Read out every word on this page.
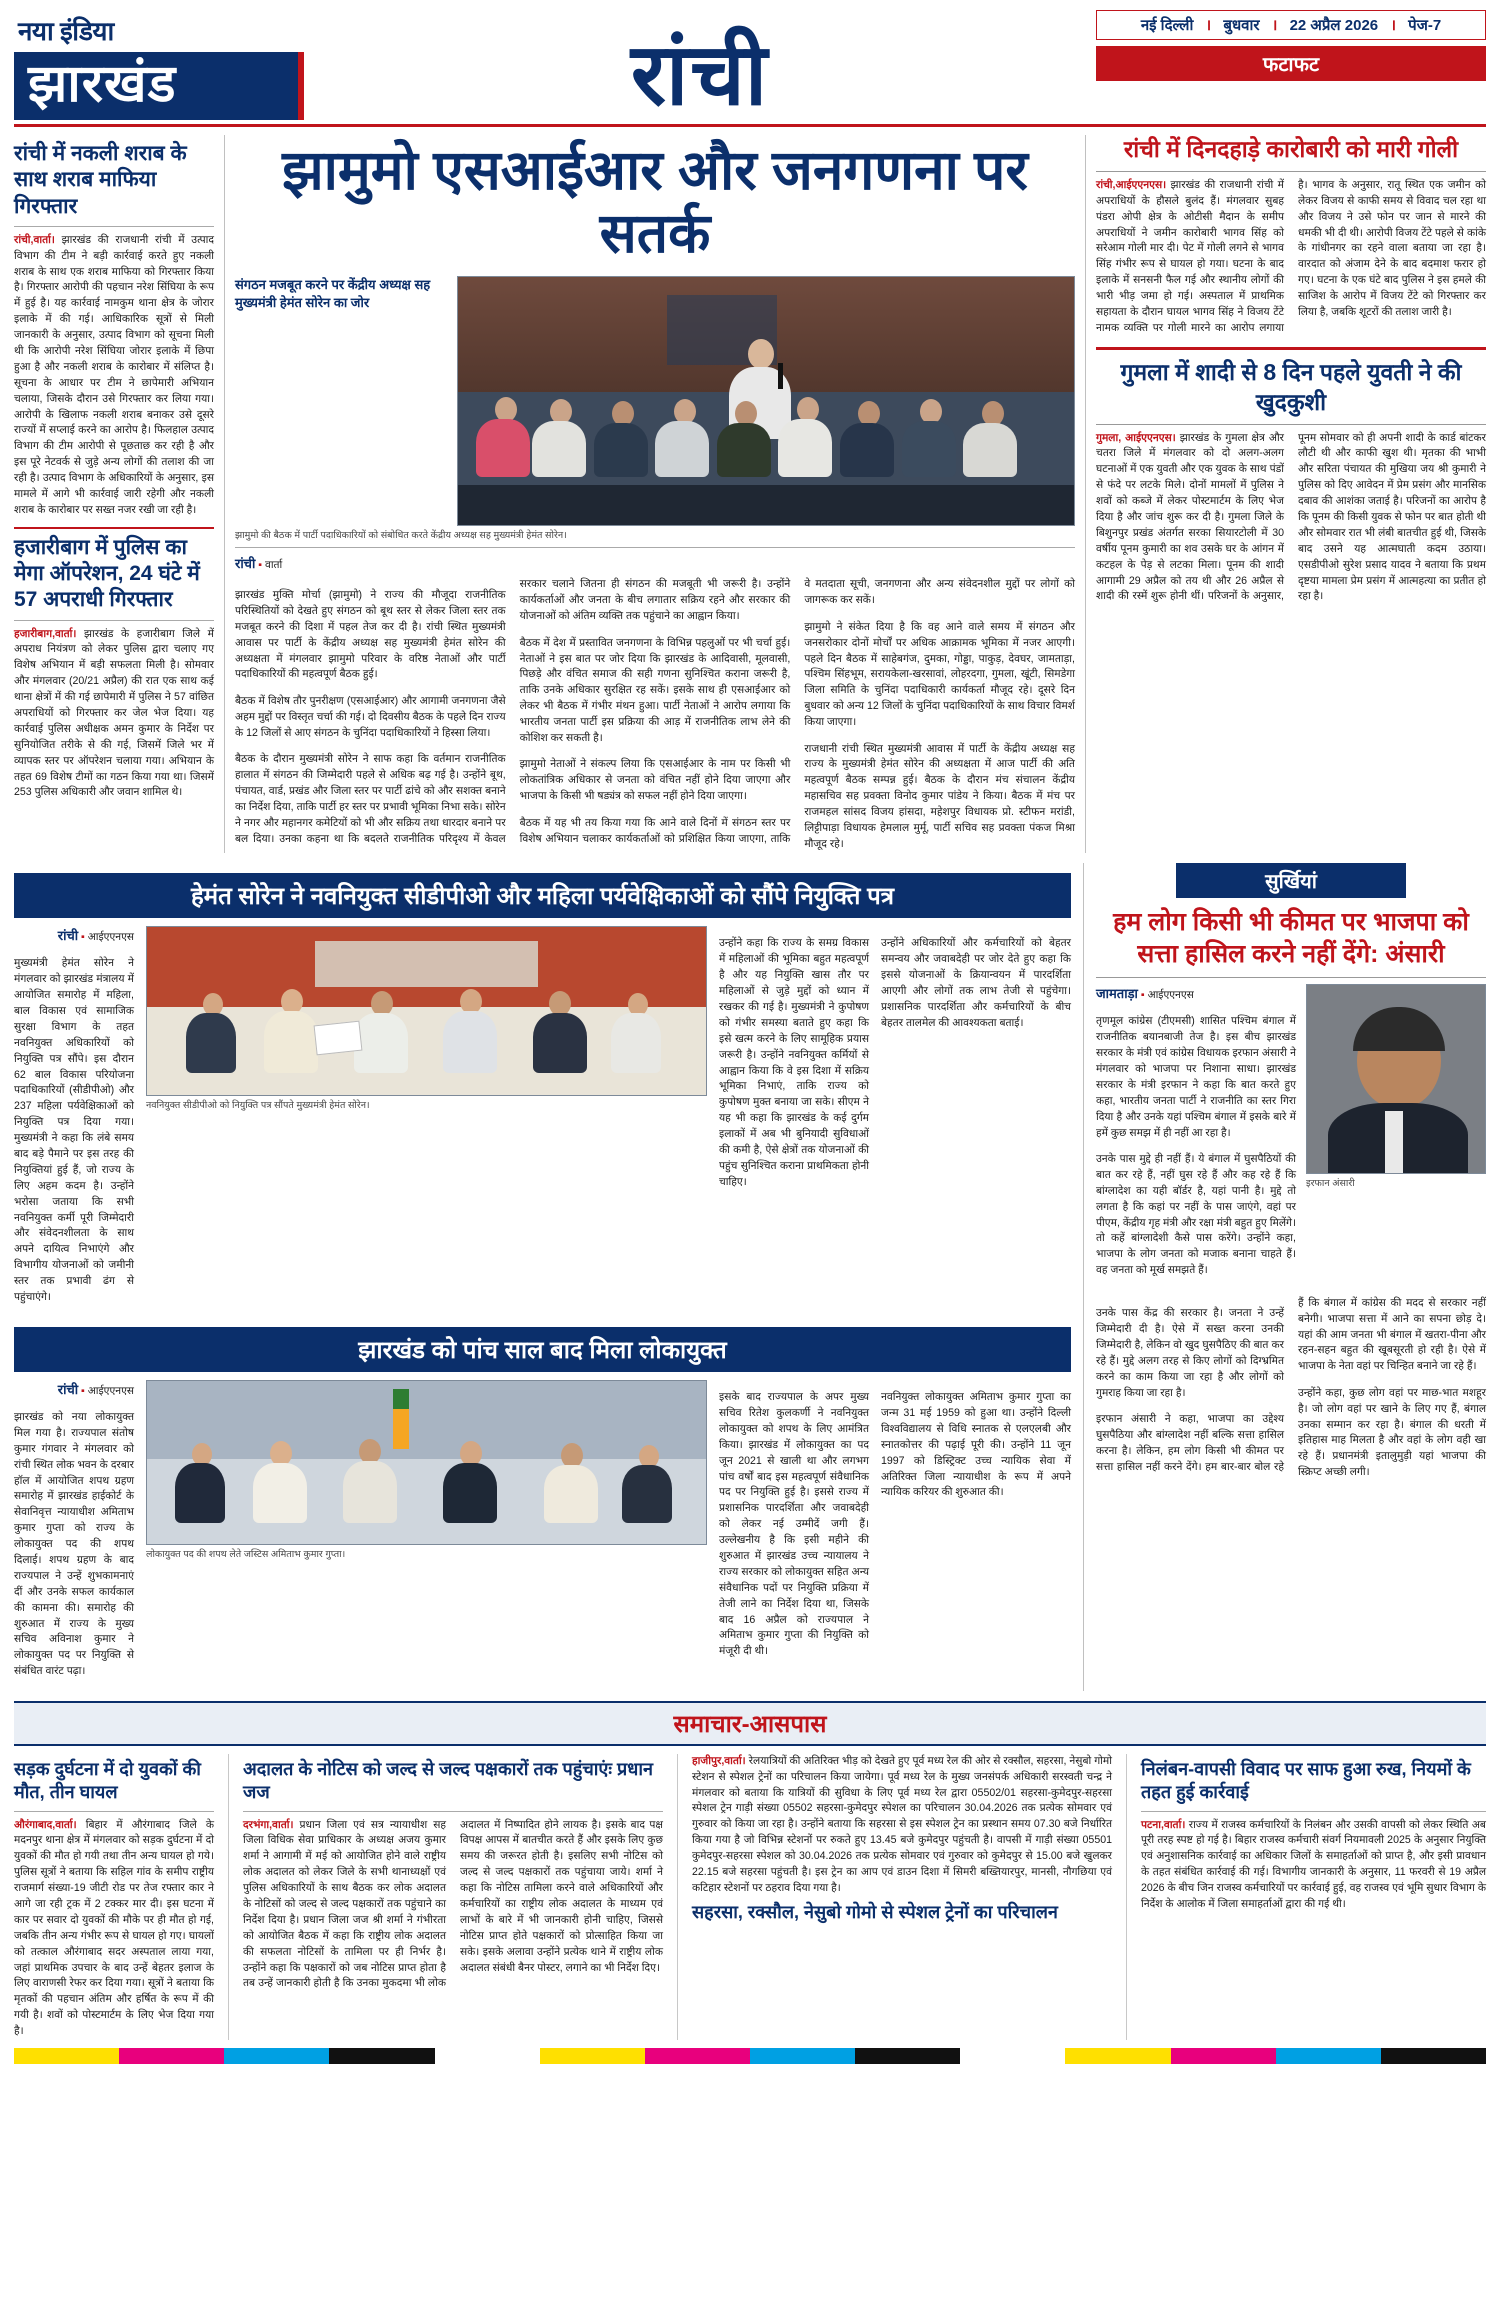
नया इंडिया
झारखंड	रांची
नई दिल्ली । बुधवार । 22 अप्रैल 2026 । पेज-7
फटाफट
रांची में नकली शराब के साथ शराब माफिया गिरफ्तार
रांची,वार्ता। झारखंड की राजधानी रांची में उत्पाद विभाग की टीम ने बड़ी कार्रवाई करते हुए नकली शराब के साथ एक शराब माफिया को गिरफ्तार किया है। गिरफ्तार आरोपी की पहचान नरेश सिंघिया के रूप में हुई है। यह कार्रवाई नामकुम थाना क्षेत्र के जोरार इलाके में की गई। आधिकारिक सूत्रों से मिली जानकारी के अनुसार, उत्पाद विभाग को सूचना मिली थी कि आरोपी नरेश सिंघिया जोरार इलाके में छिपा हुआ है और नकली शराब के कारोबार में संलिप्त है। सूचना के आधार पर टीम ने छापेमारी अभियान चलाया, जिसके दौरान उसे गिरफ्तार कर लिया गया। आरोपी के खिलाफ नकली शराब बनाकर उसे दूसरे राज्यों में सप्लाई करने का आरोप है। फिलहाल उत्पाद विभाग की टीम आरोपी से पूछताछ कर रही है और इस पूरे नेटवर्क से जुड़े अन्य लोगों की तलाश की जा रही है। उत्पाद विभाग के अधिकारियों के अनुसार, इस मामले में आगे भी कार्रवाई जारी रहेगी और नकली शराब के कारोबार पर सख्त नजर रखी जा रही है।
हजारीबाग में पुलिस का मेगा ऑपरेशन, 24 घंटे में 57 अपराधी गिरफ्तार
हजारीबाग,वार्ता। झारखंड के हजारीबाग जिले में अपराध नियंत्रण को लेकर पुलिस द्वारा चलाए गए विशेष अभियान में बड़ी सफलता मिली है। सोमवार और मंगलवार (20/21 अप्रैल) की रात एक साथ कई थाना क्षेत्रों में की गई छापेमारी में पुलिस ने 57 वांछित अपराधियों को गिरफ्तार कर जेल भेज दिया। यह कार्रवाई पुलिस अधीक्षक अमन कुमार के निर्देश पर सुनियोजित तरीके से की गई, जिसमें जिले भर में व्यापक स्तर पर ऑपरेशन चलाया गया। अभियान के तहत 69 विशेष टीमों का गठन किया गया था। जिसमें 253 पुलिस अधिकारी और जवान शामिल थे।
झामुमो एसआईआर और जनगणना पर सतर्क
संगठन मजबूत करने पर केंद्रीय अध्यक्ष सह मुख्यमंत्री हेमंत सोरेन का जोर
झामुमो की बैठक में पार्टी पदाधिकारियों को संबोधित करते केंद्रीय अध्यक्ष सह मुख्यमंत्री हेमंत सोरेन।
रांची ▪ वार्ता

झारखंड मुक्ति मोर्चा (झामुमो) ने राज्य की मौजूदा राजनीतिक परिस्थितियों को देखते हुए संगठन को बूथ स्तर से लेकर जिला स्तर तक मजबूत करने की दिशा में पहल तेज कर दी है। रांची स्थित मुख्यमंत्री आवास पर पार्टी के केंद्रीय अध्यक्ष सह मुख्यमंत्री हेमंत सोरेन की अध्यक्षता में मंगलवार झामुमो परिवार के वरिष्ठ नेताओं और पार्टी पदाधिकारियों की महत्वपूर्ण बैठक हुई।

बैठक में विशेष तौर पुनरीक्षण (एसआईआर) और आगामी जनगणना जैसे अहम मुद्दों पर विस्तृत चर्चा की गई। दो दिवसीय बैठक के पहले दिन राज्य के 12 जिलों से आए संगठन के चुनिंदा पदाधिकारियों ने हिस्सा लिया।

बैठक के दौरान मुख्यमंत्री सोरेन ने साफ कहा कि वर्तमान राजनीतिक हालात में संगठन की जिम्मेदारी पहले से अधिक बढ़ गई है। उन्होंने बूथ, पंचायत, वार्ड, प्रखंड और जिला स्तर पर पार्टी ढांचे को और सशक्त बनाने का निर्देश दिया, ताकि पार्टी हर स्तर पर प्रभावी भूमिका निभा सके। सोरेन ने नगर और महानगर कमेटियों को भी और सक्रिय तथा धारदार बनाने पर बल दिया। उनका कहना था कि बदलते राजनीतिक परिदृश्य में केवल सरकार चलाने जितना ही संगठन की मजबूती भी जरूरी है। उन्होंने कार्यकर्ताओं और जनता के बीच लगातार सक्रिय रहने और सरकार की योजनाओं को अंतिम व्यक्ति तक पहुंचाने का आह्वान किया।

बैठक में देश में प्रस्तावित जनगणना के विभिन्न पहलुओं पर भी चर्चा हुई। नेताओं ने इस बात पर जोर दिया कि झारखंड के आदिवासी, मूलवासी, पिछड़े और वंचित समाज की सही गणना सुनिश्चित कराना जरूरी है, ताकि उनके अधिकार सुरक्षित रह सकें। इसके साथ ही एसआईआर को लेकर भी बैठक में गंभीर मंथन हुआ। पार्टी नेताओं ने आरोप लगाया कि भारतीय जनता पार्टी इस प्रक्रिया की आड़ में राजनीतिक लाभ लेने की कोशिश कर सकती है।

झामुमो नेताओं ने संकल्प लिया कि एसआईआर के नाम पर किसी भी लोकतांत्रिक अधिकार से जनता को वंचित नहीं होने दिया जाएगा और भाजपा के किसी भी षड्यंत्र को सफल नहीं होने दिया जाएगा।

बैठक में यह भी तय किया गया कि आने वाले दिनों में संगठन स्तर पर विशेष अभियान चलाकर कार्यकर्ताओं को प्रशिक्षित किया जाएगा, ताकि वे मतदाता सूची, जनगणना और अन्य संवेदनशील मुद्दों पर लोगों को जागरूक कर सकें।

झामुमो ने संकेत दिया है कि वह आने वाले समय में संगठन और जनसरोकार दोनों मोर्चों पर अधिक आक्रामक भूमिका में नजर आएगी। पहले दिन बैठक में साहेबगंज, दुमका, गोड्डा, पाकुड़, देवघर, जामताड़ा, पश्चिम सिंहभूम, सरायकेला-खरसावां, लोहरदगा, गुमला, खूंटी, सिमडेगा जिला समिति के चुनिंदा पदाधिकारी कार्यकर्ता मौजूद रहे। दूसरे दिन बुधवार को अन्य 12 जिलों के चुनिंदा पदाधिकारियों के साथ विचार विमर्श किया जाएगा।

राजधानी रांची स्थित मुख्यमंत्री आवास में पार्टी के केंद्रीय अध्यक्ष सह राज्य के मुख्यमंत्री हेमंत सोरेन की अध्यक्षता में आज पार्टी की अति महत्वपूर्ण बैठक सम्पन्न हुई। बैठक के दौरान मंच संचालन केंद्रीय महासचिव सह प्रवक्ता विनोद कुमार पांडेय ने किया। बैठक में मंच पर राजमहल सांसद विजय हांसदा, महेशपुर विधायक प्रो. स्टीफन मरांडी, लिट्टीपाड़ा विधायक हेमलाल मुर्मू, पार्टी सचिव सह प्रवक्ता पंकज मिश्रा मौजूद रहे।

रांची में दिनदहाड़े कारोबारी को मारी गोली
रांची,आईएएनएस। झारखंड की राजधानी रांची में अपराधियों के हौसले बुलंद हैं। मंगलवार सुबह पंडरा ओपी क्षेत्र के ओटीसी मैदान के समीप अपराधियों ने जमीन कारोबारी भागव सिंह को सरेआम गोली मार दी। पेट में गोली लगने से भागव सिंह गंभीर रूप से घायल हो गया। घटना के बाद इलाके में सनसनी फैल गई और स्थानीय लोगों की भारी भीड़ जमा हो गई। अस्पताल में प्राथमिक सहायता के दौरान घायल भागव सिंह ने विजय टेंटे नामक व्यक्ति पर गोली मारने का आरोप लगाया है। भागव के अनुसार, रातू स्थित एक जमीन को लेकर विजय से काफी समय से विवाद चल रहा था और विजय ने उसे फोन पर जान से मारने की धमकी भी दी थी। आरोपी विजय टेंटे पहले से कांके के गांधीनगर का रहने वाला बताया जा रहा है। वारदात को अंजाम देने के बाद बदमाश फरार हो गए। घटना के एक घंटे बाद पुलिस ने इस हमले की साजिश के आरोप में विजय टेंटे को गिरफ्तार कर लिया है, जबकि शूटरों की तलाश जारी है।
गुमला में शादी से 8 दिन पहले युवती ने की खुदकुशी
गुमला, आईएएनएस। झारखंड के गुमला क्षेत्र और चतरा जिले में मंगलवार को दो अलग-अलग घटनाओं में एक युवती और एक युवक के साथ पंडों से फंदे पर लटके मिले। दोनों मामलों में पुलिस ने शवों को कब्जे में लेकर पोस्टमार्टम के लिए भेज दिया है और जांच शुरू कर दी है। गुमला जिले के बिशुनपुर प्रखंड अंतर्गत सरका सियारटोली में 30 वर्षीय पूनम कुमारी का शव उसके घर के आंगन में कटहल के पेड़ से लटका मिला। पूनम की शादी आगामी 29 अप्रैल को तय थी और 26 अप्रैल से शादी की रस्में शुरू होनी थीं। परिजनों के अनुसार, पूनम सोमवार को ही अपनी शादी के कार्ड बांटकर लौटी थी और काफी खुश थी। मृतका की भाभी और सरिता पंचायत की मुखिया जय श्री कुमारी ने पुलिस को दिए आवेदन में प्रेम प्रसंग और मानसिक दबाव की आशंका जताई है। परिजनों का आरोप है कि पूनम की किसी युवक से फोन पर बात होती थी और सोमवार रात भी लंबी बातचीत हुई थी, जिसके बाद उसने यह आत्मघाती कदम उठाया। एसडीपीओ सुरेश प्रसाद यादव ने बताया कि प्रथम दृष्टया मामला प्रेम प्रसंग में आत्महत्या का प्रतीत हो रहा है।
हेमंत सोरेन ने नवनियुक्त सीडीपीओ और महिला पर्यवेक्षिकाओं को सौंपे नियुक्ति पत्र
रांची ▪ आईएएनएस

मुख्यमंत्री हेमंत सोरेन ने मंगलवार को झारखंड मंत्रालय में आयोजित समारोह में महिला, बाल विकास एवं सामाजिक सुरक्षा विभाग के तहत नवनियुक्त अधिकारियों को नियुक्ति पत्र सौंपे। इस दौरान 62 बाल विकास परियोजना पदाधिकारियों (सीडीपीओ) और 237 महिला पर्यवेक्षिकाओं को नियुक्ति पत्र दिया गया। मुख्यमंत्री ने कहा कि लंबे समय बाद बड़े पैमाने पर इस तरह की नियुक्तियां हुई हैं, जो राज्य के लिए अहम कदम है। उन्होंने भरोसा जताया कि सभी नवनियुक्त कर्मी पूरी जिम्मेदारी और संवेदनशीलता के साथ अपने दायित्व निभाएंगे और विभागीय योजनाओं को जमीनी स्तर तक प्रभावी ढंग से पहुंचाएंगे।

नवनियुक्त सीडीपीओ को नियुक्ति पत्र सौंपते मुख्यमंत्री हेमंत सोरेन।

उन्होंने कहा कि राज्य के समग्र विकास में महिलाओं की भूमिका बहुत महत्वपूर्ण है और यह नियुक्ति खास तौर पर महिलाओं से जुड़े मुद्दों को ध्यान में रखकर की गई है। मुख्यमंत्री ने कुपोषण को गंभीर समस्या बताते हुए कहा कि इसे खत्म करने के लिए सामूहिक प्रयास जरूरी है। उन्होंने नवनियुक्त कर्मियों से आह्वान किया कि वे इस दिशा में सक्रिय भूमिका निभाएं, ताकि राज्य को कुपोषण मुक्त बनाया जा सके। सीएम ने यह भी कहा कि झारखंड के कई दुर्गम इलाकों में अब भी बुनियादी सुविधाओं की कमी है, ऐसे क्षेत्रों तक योजनाओं की पहुंच सुनिश्चित कराना प्राथमिकता होनी चाहिए।

उन्होंने अधिकारियों और कर्मचारियों को बेहतर समन्वय और जवाबदेही पर जोर देते हुए कहा कि इससे योजनाओं के क्रियान्वयन में पारदर्शिता आएगी और लोगों तक लाभ तेजी से पहुंचेगा। प्रशासनिक पारदर्शिता और कर्मचारियों के बीच बेहतर तालमेल की आवश्यकता बताई।

झारखंड को पांच साल बाद मिला लोकायुक्त
रांची ▪ आईएएनएस

झारखंड को नया लोकायुक्त मिल गया है। राज्यपाल संतोष कुमार गंगवार ने मंगलवार को रांची स्थित लोक भवन के दरबार हॉल में आयोजित शपथ ग्रहण समारोह में झारखंड हाईकोर्ट के सेवानिवृत्त न्यायाधीश अमिताभ कुमार गुप्ता को राज्य के लोकायुक्त पद की शपथ दिलाई। शपथ ग्रहण के बाद राज्यपाल ने उन्हें शुभकामनाएं दीं और उनके सफल कार्यकाल की कामना की। समारोह की शुरुआत में राज्य के मुख्य सचिव अविनाश कुमार ने लोकायुक्त पद पर नियुक्ति से संबंधित वारंट पढ़ा।

लोकायुक्त पद की शपथ लेते जस्टिस अमिताभ कुमार गुप्ता।

इसके बाद राज्यपाल के अपर मुख्य सचिव रितेश कुलकर्णी ने नवनियुक्त लोकायुक्त को शपथ के लिए आमंत्रित किया। झारखंड में लोकायुक्त का पद जून 2021 से खाली था और लगभग पांच वर्षों बाद इस महत्वपूर्ण संवैधानिक पद पर नियुक्ति हुई है। इससे राज्य में प्रशासनिक पारदर्शिता और जवाबदेही को लेकर नई उम्मीदें जगी हैं। उल्लेखनीय है कि इसी महीने की शुरुआत में झारखंड उच्च न्यायालय ने राज्य सरकार को लोकायुक्त सहित अन्य संवैधानिक पदों पर नियुक्ति प्रक्रिया में तेजी लाने का निर्देश दिया था, जिसके बाद 16 अप्रैल को राज्यपाल ने अमिताभ कुमार गुप्ता की नियुक्ति को मंजूरी दी थी।

नवनियुक्त लोकायुक्त अमिताभ कुमार गुप्ता का जन्म 31 मई 1959 को हुआ था। उन्होंने दिल्ली विश्वविद्यालय से विधि स्नातक से एलएलबी और स्नातकोत्तर की पढ़ाई पूरी की। उन्होंने 11 जून 1997 को डिस्ट्रिक्ट उच्च न्यायिक सेवा में अतिरिक्त जिला न्यायाधीश के रूप में अपने न्यायिक करियर की शुरुआत की।

सुर्खियां
हम लोग किसी भी कीमत पर भाजपा को सत्ता हासिल करने नहीं देंगे: अंसारी
जामताड़ा ▪ आईएएनएस

तृणमूल कांग्रेस (टीएमसी) शासित पश्चिम बंगाल में राजनीतिक बयानबाजी तेज है। इस बीच झारखंड सरकार के मंत्री एवं कांग्रेस विधायक इरफान अंसारी ने मंगलवार को भाजपा पर निशाना साधा। झारखंड सरकार के मंत्री इरफान ने कहा कि बात करते हुए कहा, भारतीय जनता पार्टी ने राजनीति का स्तर गिरा दिया है और उनके यहां पश्चिम बंगाल में इसके बारे में हमें कुछ समझ में ही नहीं आ रहा है।

उनके पास मुद्दे ही नहीं हैं। ये बंगाल में घुसपैठियों की बात कर रहे हैं, नहीं घुस रहे हैं और कह रहे हैं कि बांग्लादेश का यही बॉर्डर है, यहां पानी है। मुद्दे तो लगता है कि कहां पर नहीं के पास जाएंगे, वहां पर पीएम, केंद्रीय गृह मंत्री और रक्षा मंत्री बहुत हुए मिलेंगे। तो कहें बांग्लादेशी कैसे पास करेंगे। उन्होंने कहा, भाजपा के लोग जनता को मजाक बनाना चाहते हैं। वह जनता को मूर्ख समझते हैं।

इरफान अंसारी

उनके पास केंद्र की सरकार है। जनता ने उन्हें जिम्मेदारी दी है। ऐसे में सख्त करना उनकी जिम्मेदारी है, लेकिन वो खुद घुसपैठिए की बात कर रहे हैं। मुद्दे अलग तरह से किए लोगों को दिग्भ्रमित करने का काम किया जा रहा है और लोगों को गुमराह किया जा रहा है।

इरफान अंसारी ने कहा, भाजपा का उद्देश्य घुसपैठिया और बांग्लादेश नहीं बल्कि सत्ता हासिल करना है। लेकिन, हम लोग किसी भी कीमत पर सत्ता हासिल नहीं करने देंगे। हम बार-बार बोल रहे हैं कि बंगाल में कांग्रेस की मदद से सरकार नहीं बनेगी। भाजपा सत्ता में आने का सपना छोड़ दे। यहां की आम जनता भी बंगाल में खतरा-पीना और रहन-सहन बहुत की खूबसूरती हो रही है। ऐसे में भाजपा के नेता वहां पर चिन्हित बनाने जा रहे हैं।

उन्होंने कहा, कुछ लोग वहां पर माछ-भात मशहूर है। जो लोग वहां पर खाने के लिए गए हैं, बंगाल उनका सम्मान कर रहा है। बंगाल की धरती में इतिहास माह मिलता है और वहां के लोग वही खा रहे हैं। प्रधानमंत्री इतालुमुड़ी यहां भाजपा की स्क्रिप्ट अच्छी लगी।

समाचार-आसपास
सड़क दुर्घटना में दो युवकों की मौत, तीन घायल
औरंगाबाद,वार्ता। बिहार में औरंगाबाद जिले के मदनपुर थाना क्षेत्र में मंगलवार को सड़क दुर्घटना में दो युवकों की मौत हो गयी तथा तीन अन्य घायल हो गये। पुलिस सूत्रों ने बताया कि सहिल गांव के समीप राष्ट्रीय राजमार्ग संख्या-19 जीटी रोड पर तेज रफ्तार कार ने आगे जा रही ट्रक में 2 टक्कर मार दी। इस घटना में कार पर सवार दो युवकों की मौके पर ही मौत हो गई, जबकि तीन अन्य गंभीर रूप से घायल हो गए। घायलों को तत्काल औरंगाबाद सदर अस्पताल लाया गया, जहां प्राथमिक उपचार के बाद उन्हें बेहतर इलाज के लिए वाराणसी रेफर कर दिया गया। सूत्रों ने बताया कि मृतकों की पहचान अंतिम और हर्षित के रूप में की गयी है। शवों को पोस्टमार्टम के लिए भेज दिया गया है।
अदालत के नोटिस को जल्द से जल्द पक्षकारों तक पहुंचाएंः प्रधान जज
दरभंगा,वार्ता। प्रधान जिला एवं सत्र न्यायाधीश सह जिला विधिक सेवा प्राधिकार के अध्यक्ष अजय कुमार शर्मा ने आगामी में मई को आयोजित होने वाले राष्ट्रीय लोक अदालत को लेकर जिले के सभी थानाध्यक्षों एवं पुलिस अधिकारियों के साथ बैठक कर लोक अदालत के नोटिसों को जल्द से जल्द पक्षकारों तक पहुंचाने का निर्देश दिया है। प्रधान जिला जज श्री शर्मा ने गंभीरता को आयोजित बैठक में कहा कि राष्ट्रीय लोक अदालत की सफलता नोटिसों के तामिला पर ही निर्भर है। उन्होंने कहा कि पक्षकारों को जब नोटिस प्राप्त होता है तब उन्हें जानकारी होती है कि उनका मुकदमा भी लोक अदालत में निष्पादित होने लायक है। इसके बाद पक्ष विपक्ष आपस में बातचीत करते हैं और इसके लिए कुछ समय की जरूरत होती है। इसलिए सभी नोटिस को जल्द से जल्द पक्षकारों तक पहुंचाया जाये। शर्मा ने कहा कि नोटिस तामिला करने वाले अधिकारियों और कर्मचारियों का राष्ट्रीय लोक अदालत के माध्यम एवं लाभों के बारे में भी जानकारी होनी चाहिए, जिससे नोटिस प्राप्त होते पक्षकारों को प्रोत्साहित किया जा सके। इसके अलावा उन्होंने प्रत्येक थाने में राष्ट्रीय लोक अदालत संबंधी बैनर पोस्टर, लगाने का भी निर्देश दिए।
हाजीपुर,वार्ता। रेलयात्रियों की अतिरिक्त भीड़ को देखते हुए पूर्व मध्य रेल की ओर से रक्सौल, सहरसा, नेसुबो गोमो स्टेशन से स्पेशल ट्रेनों का परिचालन किया जायेगा। पूर्व मध्य रेल के मुख्य जनसंपर्क अधिकारी सरस्वती चन्द्र ने मंगलवार को बताया कि यात्रियों की सुविधा के लिए पूर्व मध्य रेल द्वारा 05502/01 सहरसा-कुमेदपुर-सहरसा स्पेशल ट्रेन गाड़ी संख्या 05502 सहरसा-कुमेदपुर स्पेशल का परिचालन 30.04.2026 तक प्रत्येक सोमवार एवं गुरुवार को किया जा रहा है। उन्होंने बताया कि सहरसा से इस स्पेशल ट्रेन का प्रस्थान समय 07.30 बजे निर्धारित किया गया है जो विभिन्न स्टेशनों पर रुकते हुए 13.45 बजे कुमेदपुर पहुंचती है। वापसी में गाड़ी संख्या 05501 कुमेदपुर-सहरसा स्पेशल को 30.04.2026 तक प्रत्येक सोमवार एवं गुरुवार को कुमेदपुर से 15.00 बजे खुलकर 22.15 बजे सहरसा पहुंचती है। इस ट्रेन का आप एवं डाउन दिशा में सिमरी बख्तियारपुर, मानसी, नौगछिया एवं कटिहार स्टेशनों पर ठहराव दिया गया है।
सहरसा, रक्सौल, नेसुबो गोमो से स्पेशल ट्रेनों का परिचालन
निलंबन-वापसी विवाद पर साफ हुआ रुख, नियमों के तहत हुई कार्रवाई
पटना,वार्ता। राज्य में राजस्व कर्मचारियों के निलंबन और उसकी वापसी को लेकर स्थिति अब पूरी तरह स्पष्ट हो गई है। बिहार राजस्व कर्मचारी संवर्ग नियमावली 2025 के अनुसार नियुक्ति एवं अनुशासनिक कार्रवाई का अधिकार जिलों के समाहर्ताओं को प्राप्त है, और इसी प्रावधान के तहत संबंधित कार्रवाई की गई। विभागीय जानकारी के अनुसार, 11 फरवरी से 19 अप्रैल 2026 के बीच जिन राजस्व कर्मचारियों पर कार्रवाई हुई, वह राजस्व एवं भूमि सुधार विभाग के निर्देश के आलोक में जिला समाहर्ताओं द्वारा की गई थी।
